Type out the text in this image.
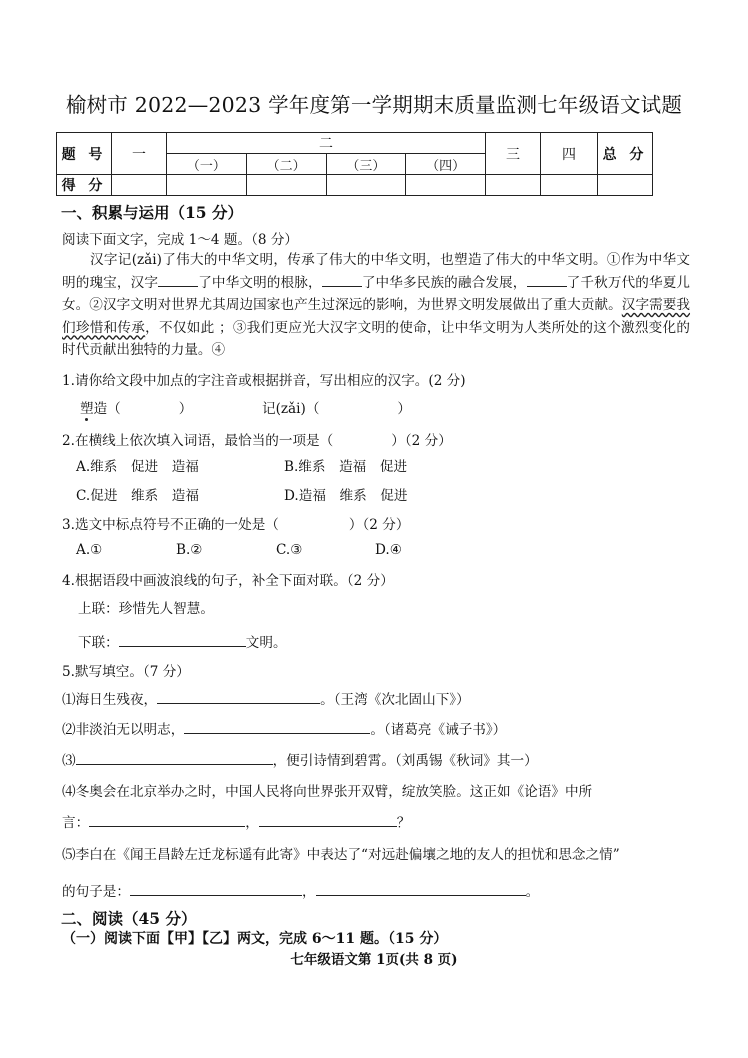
榆树市 2022—2023 学年度第一学期期末质量监测七年级语文试题
题 号	一	二				三	四	总 分
		（一）	（二）	（三）	（四）			
得 分								
一、积累与运用（15 分）
阅读下面文字，完成 1～4 题。（8 分）
汉字记(zǎi)了伟大的中华文明，传承了伟大的中华文明，也塑造了伟大的中华文明。①作为中华文明的瑰宝，汉字	了中华文明的根脉，	了中华多民族的融合发展，	了千秋万代的华夏儿女。②汉字文明对世界尤其周边国家也产生过深远的影响，为世界文明发展做出了重大贡献。汉字需要我们珍惜和传承，不仅如此 ；③我们更应光大汉字文明的使命，让中华文明为人类所处的这个激烈变化的时代贡献出独特的力量。④
1.请你给文段中加点的字注音或根据拼音，写出相应的汉字。(2 分)
塑造（	）	记(zǎi)（	）
2.在横线上依次填入词语，最恰当的一项是（	）（2 分）
A.维系　促进　造福	B.维系　造福　促进
C.促进　维系　造福	D.造福　维系　促进
3.选文中标点符号不正确的一处是（	）（2 分）
A.①	B.②	C.③	D.④
4.根据语段中画波浪线的句子，补全下面对联。（2 分）
上联：珍惜先人智慧。
下联：	文明。
5.默写填空。（7 分）
⑴海日生残夜，	。（王湾《次北固山下》）
⑵非淡泊无以明志，	。（诸葛亮《诫子书》）
⑶	，便引诗情到碧霄。（刘禹锡《秋词》其一）
⑷冬奥会在北京举办之时，中国人民将向世界张开双臂，绽放笑脸。这正如《论语》中所
言：	，	？
⑸李白在《闻王昌龄左迁龙标遥有此寄》中表达了“对远赴偏壤之地的友人的担忧和思念之情”
的句子是：	，	。
二、阅读（45 分）
（一）阅读下面【甲】【乙】两文，完成 6～11 题。（15 分）
七年级语文第 1页(共 8 页)
